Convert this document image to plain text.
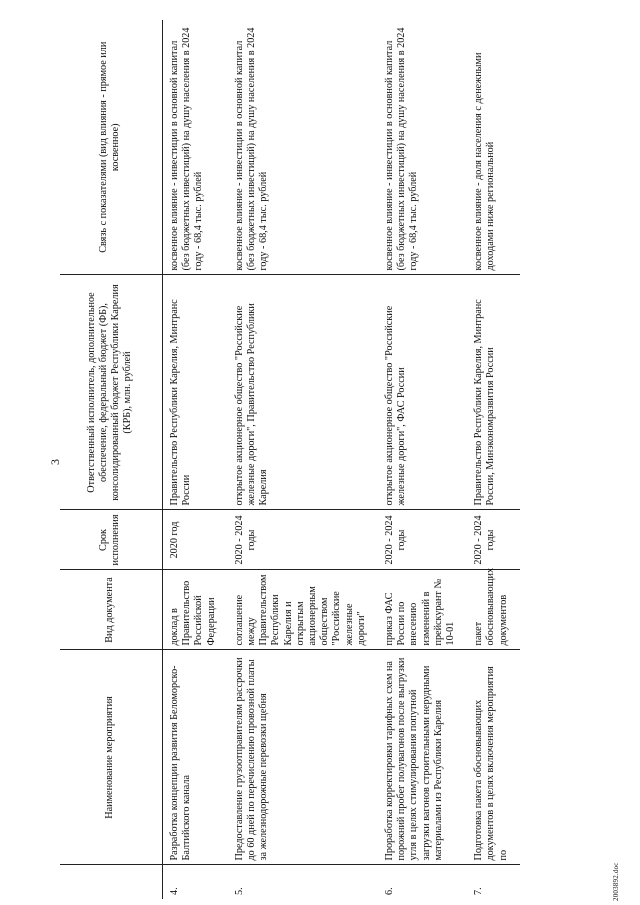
3
	Наименование мероприятия	Вид документа	Срок исполнения	Ответственный исполнитель, дополнительное обеспечение, федеральный бюджет (ФБ), консолидированный бюджет Республики Карелия (КРБ), млн. рублей	Связь с показателями (вид влияния - прямое или косвенное)
4.	Разработка концепции развития Беломорско-Балтийского канала	доклад в Правительство Российской Федерации	2020 год	Правительство Республики Карелия, Минтранс России	косвенное влияние - инвестиции в основной капитал (без бюджетных инвестиций) на душу населения в 2024 году - 68,4 тыс. рублей
5.	Предоставление грузоотправителям рассрочки до 60 дней по перечислению провозной платы за железнодорожные перевозки щебня	соглашение между Правительством Республики Карелия и открытым акционерным обществом "Российские железные дороги"	2020 - 2024 годы	открытое акционерное общество "Российские железные дороги", Правительство Республики Карелия	косвенное влияние - инвестиции в основной капитал (без бюджетных инвестиций) на душу населения в 2024 году - 68,4 тыс. рублей
6.	Проработка корректировки тарифных схем на порожний пробег полувагонов после выгрузки угля в целях стимулирования попутной загрузки вагонов строительными нерудными материалами из Республики Карелия	приказ ФАС России по внесению изменений в прейскурант № 10-01	2020 - 2024 годы	открытое акционерное общество "Российские железные дороги", ФАС России	косвенное влияние - инвестиции в основной капитал (без бюджетных инвестиций) на душу населения в 2024 году - 68,4 тыс. рублей
7.	Подготовка пакета обосновывающих документов в целях включения мероприятия по	пакет обосновывающих документов	2020 - 2024 годы	Правительство Республики Карелия, Минтранс России, Минэкономразвития России	косвенное влияние - доля населения с денежными доходами ниже региональной
2003892.doc
